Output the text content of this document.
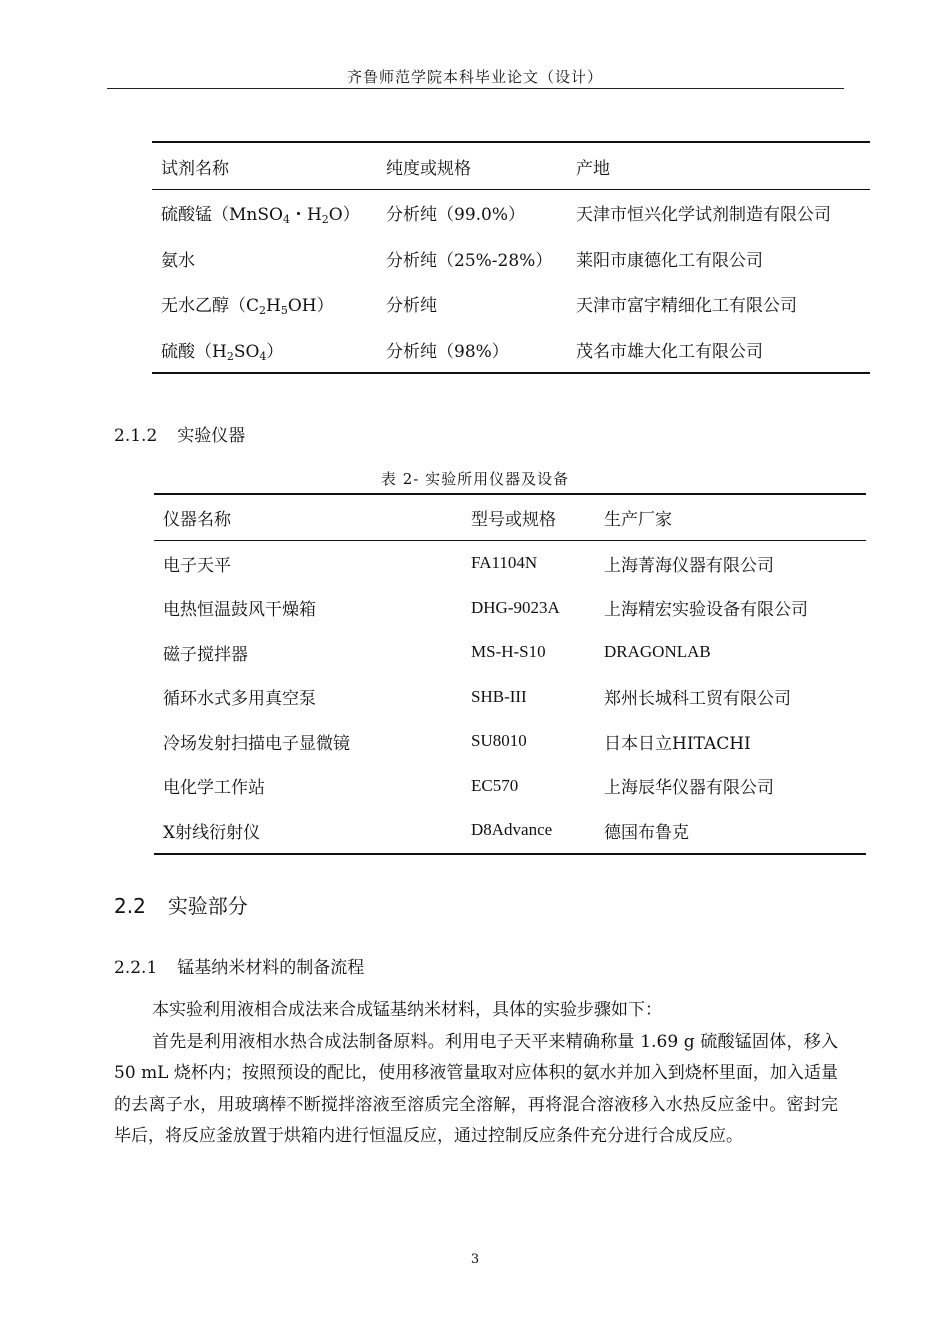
齐鲁师范学院本科毕业论文（设计）
试剂名称	纯度或规格	产地
硫酸锰（MnSO$_4$・$H_2O$）	分析纯（99.0%）	天津市恒兴化学试剂制造有限公司
氨水	分析纯（25%-28%）	莱阳市康德化工有限公司
无水乙醇$(C_2H_5OH)$	分析纯	天津市富宇精细化工有限公司
硫酸$(H_2SO_4)$	分析纯（98%）	茂名市雄大化工有限公司
2.1.2 实验仪器
表 2- 实验所用仪器及设备
仪器名称	型号或规格	生产厂家
电子天平	FA1104N	上海菁海仪器有限公司
电热恒温鼓风干燥箱	DHG-9023A	上海精宏实验设备有限公司
磁子搅拌器	MS-H-S10	DRAGONLAB
循环水式多用真空泵	SHB-III	郑州长城科工贸有限公司
冷场发射扫描电子显微镜	SU8010	日本日立HITACHI
电化学工作站	EC570	上海辰华仪器有限公司
X射线衍射仪	D8Advance	德国布鲁克
2.2 实验部分
2.2.1 锰基纳米材料的制备流程

本实验利用液相合成法来合成锰基纳米材料，具体的实验步骤如下：

首先是利用液相水热合成法制备原料。利用电子天平来精确称量 1.69 g 硫酸锰固体，移入 50 mL 烧杯内；按照预设的配比，使用移液管量取对应体积的氨水并加入到烧杯里面，加入适量的去离子水，用玻璃棒不断搅拌溶液至溶质完全溶解，再将混合溶液移入水热反应釜中。密封完毕后，将反应釜放置于烘箱内进行恒温反应，通过控制反应条件充分进行合成反应。

3
